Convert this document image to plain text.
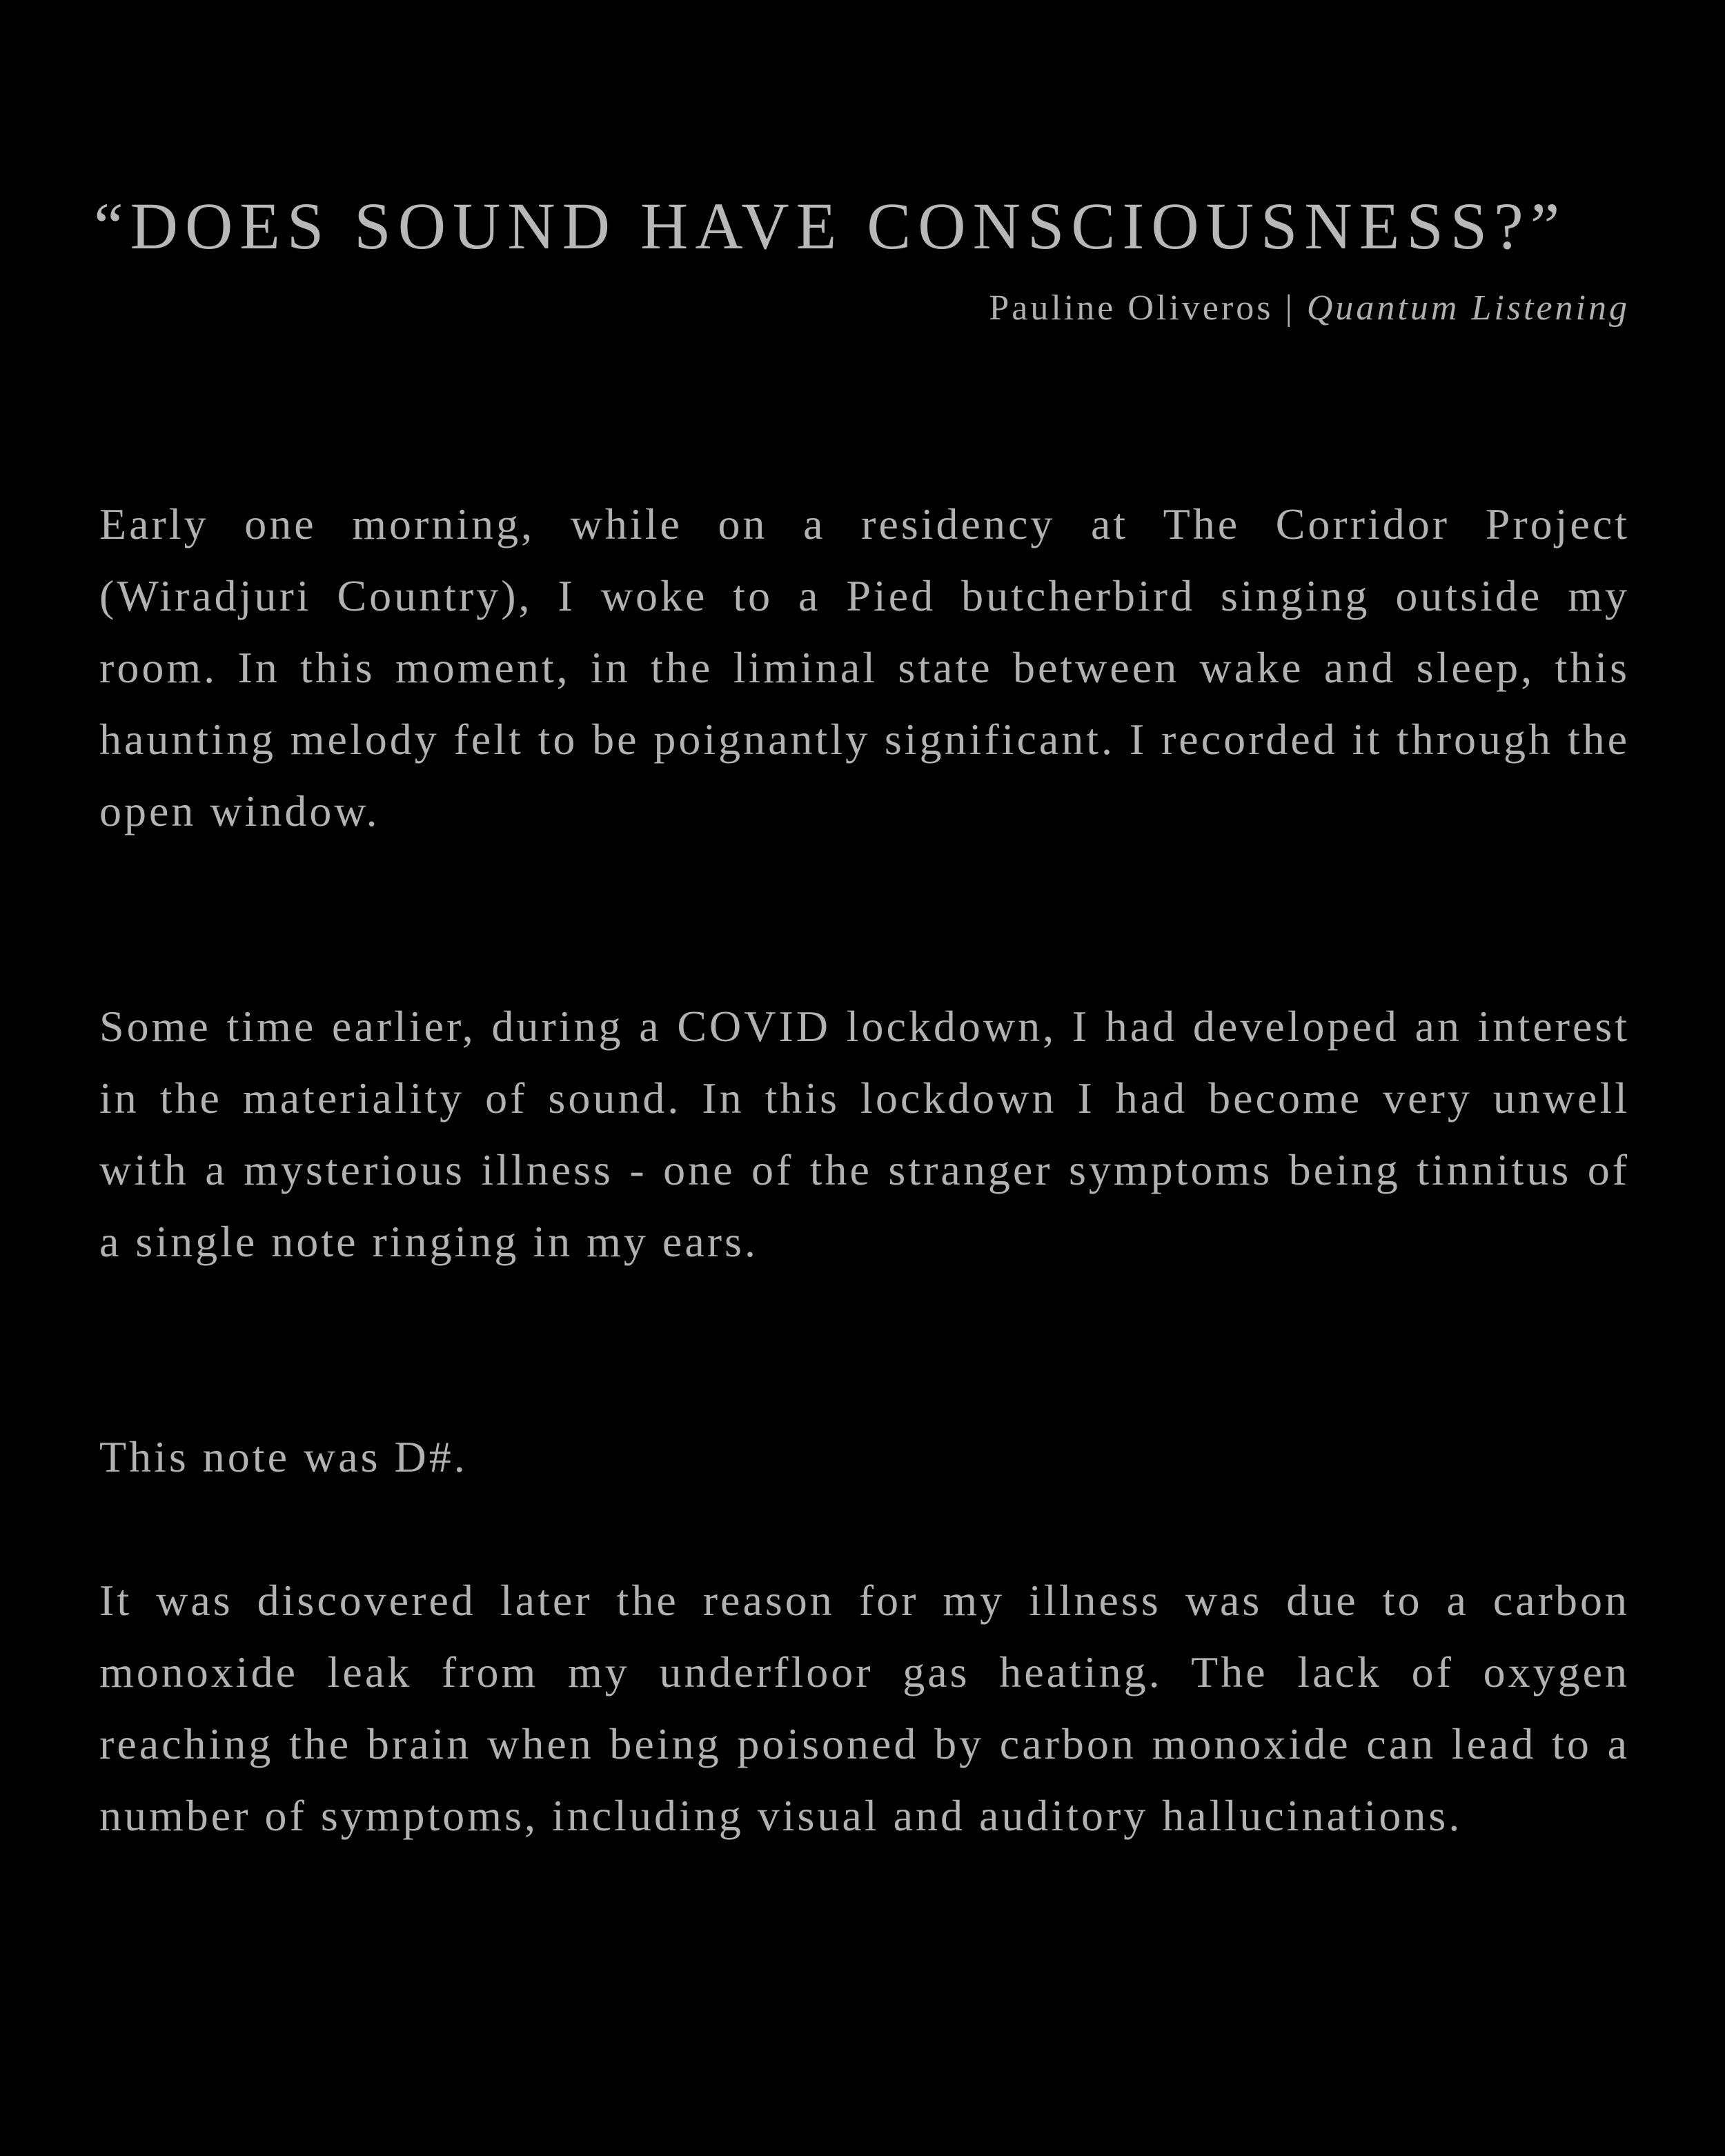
“DOES SOUND HAVE CONSCIOUSNESS?”
Pauline Oliveros | Quantum Listening

Early one morning, while on a residency at The Corridor Project (Wiradjuri Country), I woke to a Pied butcherbird singing outside my room. In this moment, in the liminal state between wake and sleep, this haunting melody felt to be poignantly significant. I recorded it through the open window.

Some time earlier, during a COVID lockdown, I had developed an interest in the materiality of sound. In this lockdown I had become very unwell with a mysterious illness - one of the stranger symptoms being tinnitus of a single note ringing in my ears.

This note was D#.

It was discovered later the reason for my illness was due to a carbon monoxide leak from my underfloor gas heating. The lack of oxygen reaching the brain when being poisoned by carbon monoxide can lead to a number of symptoms, including visual and auditory hallucinations.
